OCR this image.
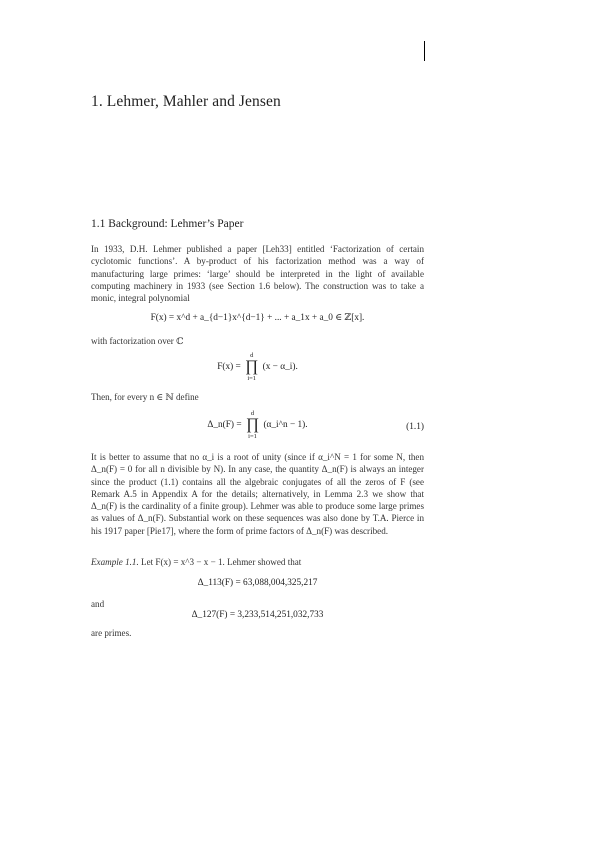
1. Lehmer, Mahler and Jensen
1.1 Background: Lehmer’s Paper

In 1933, D.H. Lehmer published a paper [Leh33] entitled ‘Factorization of certain cyclotomic functions’. A by-product of his factorization method was a way of manufacturing large primes: ‘large’ should be interpreted in the light of available computing machinery in 1933 (see Section 1.6 below). The construction was to take a monic, integral polynomial

F(x) = x^d + a_{d−1}x^{d−1} + ... + a_1x + a_0 ∈ ℤ[x].

with factorization over ℂ

F(x) =
d
∏
i=1
(x − α_i).

Then, for every n ∈ ℕ define

Δ_n(F) =
d
∏
i=1
(α_i^n − 1).	(1.1)

It is better to assume that no α_i is a root of unity (since if α_i^N = 1 for some N, then Δ_n(F) = 0 for all n divisible by N). In any case, the quantity Δ_n(F) is always an integer since the product (1.1) contains all the algebraic conjugates of all the zeros of F (see Remark A.5 in Appendix A for the details; alternatively, in Lemma 2.3 we show that Δ_n(F) is the cardinality of a finite group). Lehmer was able to produce some large primes as values of Δ_n(F). Substantial work on these sequences was also done by T.A. Pierce in his 1917 paper [Pie17], where the form of prime factors of Δ_n(F) was described.

Example 1.1. Let F(x) = x^3 − x − 1. Lehmer showed that

Δ_113(F) = 63,088,004,325,217

and

Δ_127(F) = 3,233,514,251,032,733

are primes.
